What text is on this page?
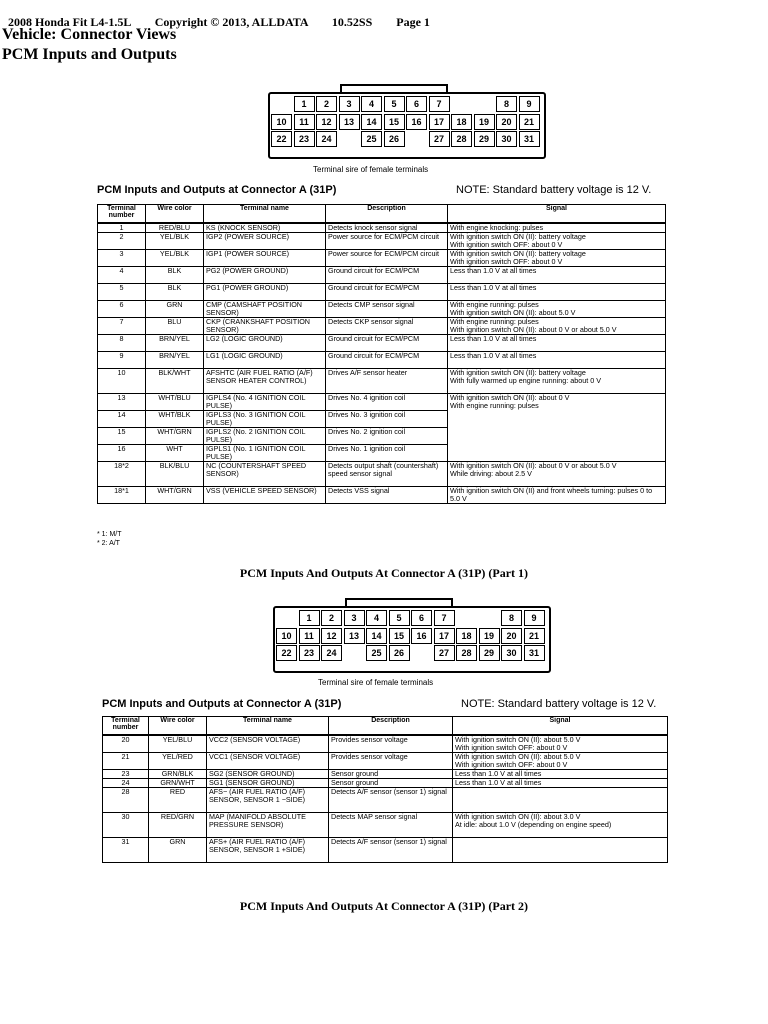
2008 Honda Fit L4-1.5L Copyright © 2013, ALLDATA 10.52SS Page 1

Vehicle: Connector Views
PCM Inputs and Outputs
1	2	3	4	5	6	7	8	9
10	11	12	13	14	15	16	17	18	19	20	21
22	23	24	25	26	27	28	29	30	31
Terminal sire of female terminals
PCM Inputs and Outputs at Connector A (31P)	NOTE: Standard battery voltage is 12 V.
Terminal number	Wire color	Terminal name	Description	Signal
1	RED/BLU	KS (KNOCK SENSOR)	Detects knock sensor signal	With engine knocking: pulses
2	YEL/BLK	IGP2 (POWER SOURCE)	Power source for ECM/PCM circuit	With ignition switch ON (II): battery voltage
With ignition switch OFF: about 0 V
3	YEL/BLK	IGP1 (POWER SOURCE)	Power source for ECM/PCM circuit	With ignition switch ON (II): battery voltage
With ignition switch OFF: about 0 V
4	BLK	PG2 (POWER GROUND)	Ground circuit for ECM/PCM	Less than 1.0 V at all times
5	BLK	PG1 (POWER GROUND)	Ground circuit for ECM/PCM	Less than 1.0 V at all times
6	GRN	CMP (CAMSHAFT POSITION SENSOR)	Detects CMP sensor signal	With engine running: pulses
With ignition switch ON (II): about 5.0 V
7	BLU	CKP (CRANKSHAFT POSITION SENSOR)	Detects CKP sensor signal	With engine running: pulses
With ignition switch ON (II): about 0 V or about 5.0 V
8	BRN/YEL	LG2 (LOGIC GROUND)	Ground circuit for ECM/PCM	Less than 1.0 V at all times
9	BRN/YEL	LG1 (LOGIC GROUND)	Ground circuit for ECM/PCM	Less than 1.0 V at all times
10	BLK/WHT	AFSHTC (AIR FUEL RATIO (A/F) SENSOR HEATER CONTROL)	Drives A/F sensor heater	With ignition switch ON (II): battery voltage
With fully warmed up engine running: about 0 V
13	WHT/BLU	IGPLS4 (No. 4 IGNITION COIL PULSE)	Drives No. 4 ignition coil	With ignition switch ON (II): about 0 V
With engine running: pulses
14	WHT/BLK	IGPLS3 (No. 3 IGNITION COIL PULSE)	Drives No. 3 ignition coil	
15	WHT/GRN	IGPLS2 (No. 2 IGNITION COIL PULSE)	Drives No. 2 ignition coil	
16	WHT	IGPLS1 (No. 1 IGNITION COIL PULSE)	Drives No. 1 ignition coil	
18*2	BLK/BLU	NC (COUNTERSHAFT SPEED SENSOR)	Detects output shaft (countershaft) speed sensor signal	With ignition switch ON (II): about 0 V or about 5.0 V
While driving: about 2.5 V
18*1	WHT/GRN	VSS (VEHICLE SPEED SENSOR)	Detects VSS signal	With ignition switch ON (II) and front wheels turning: pulses 0 to 5.0 V
* 1: M/T
* 2: A/T
PCM Inputs And Outputs At Connector A (31P) (Part 1)
1	2	3	4	5	6	7	8	9
10	11	12	13	14	15	16	17	18	19	20	21
22	23	24	25	26	27	28	29	30	31
Terminal sire of female terminals
PCM Inputs and Outputs at Connector A (31P)	NOTE: Standard battery voltage is 12 V.
Terminal number	Wire color	Terminal name	Description	Signal
20	YEL/BLU	VCC2 (SENSOR VOLTAGE)	Provides sensor voltage	With ignition switch ON (II): about 5.0 V
With ignition switch OFF: about 0 V
21	YEL/RED	VCC1 (SENSOR VOLTAGE)	Provides sensor voltage	With ignition switch ON (II): about 5.0 V
With ignition switch OFF: about 0 V
23	GRN/BLK	SG2 (SENSOR GROUND)	Sensor ground	Less than 1.0 V at all times
24	GRN/WHT	SG1 (SENSOR GROUND)	Sensor ground	Less than 1.0 V at all times
28	RED	AFS− (AIR FUEL RATIO (A/F) SENSOR, SENSOR 1 −SIDE)	Detects A/F sensor (sensor 1) signal	
30	RED/GRN	MAP (MANIFOLD ABSOLUTE PRESSURE SENSOR)	Detects MAP sensor signal	With ignition switch ON (II): about 3.0 V
At idle: about 1.0 V (depending on engine speed)
31	GRN	AFS+ (AIR FUEL RATIO (A/F) SENSOR, SENSOR 1 +SIDE)	Detects A/F sensor (sensor 1) signal	
PCM Inputs And Outputs At Connector A (31P) (Part 2)
